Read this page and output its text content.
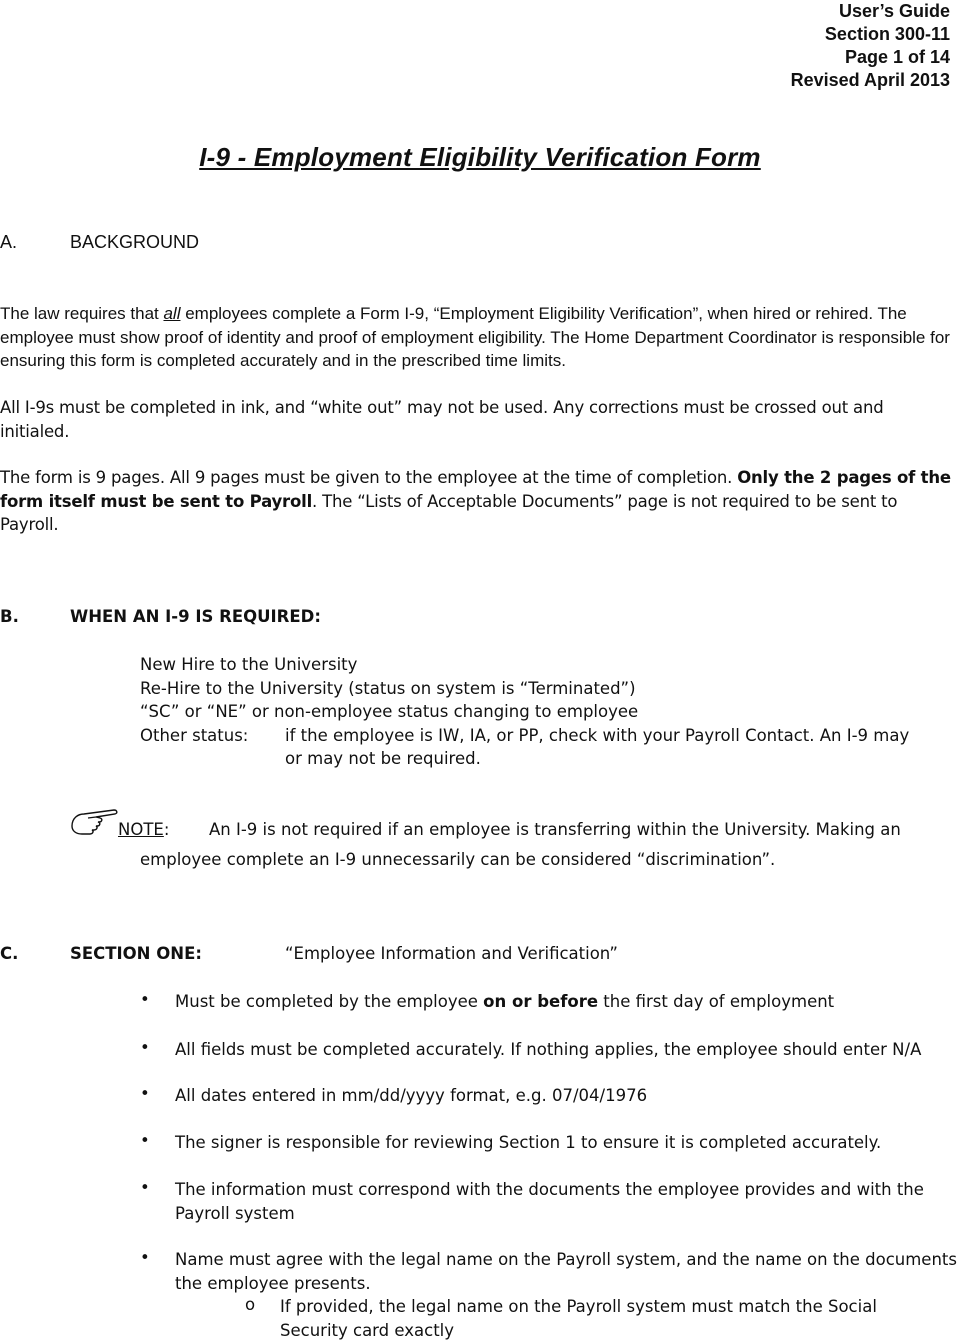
User’s Guide
Section 300-11
Page 1 of 14
Revised April 2013
I-9 - Employment Eligibility Verification Form
A.	BACKGROUND
The law requires that all employees complete a Form I-9, “Employment Eligibility Verification”, when hired or rehired. The employee must show proof of identity and proof of employment eligibility. The Home Department Coordinator is responsible for ensuring this form is completed accurately and in the prescribed time limits.
All I-9s must be completed in ink, and “white out” may not be used. Any corrections must be crossed out and initialed.
The form is 9 pages. All 9 pages must be given to the employee at the time of completion. Only the 2 pages of the form itself must be sent to Payroll. The “Lists of Acceptable Documents” page is not required to be sent to Payroll.
B.	WHEN AN I-9 IS REQUIRED:
New Hire to the University
Re-Hire to the University (status on system is “Terminated”)
“SC” or “NE” or non-employee status changing to employee
Other status: if the employee is IW, IA, or PP, check with your Payroll Contact. An I-9 may
or may not be required.
NOTE: An I-9 is not required if an employee is transferring within the University. Making an
employee complete an I-9 unnecessarily can be considered “discrimination”.
C.	SECTION ONE:	“Employee Information and Verification”
• Must be completed by the employee on or before the first day of employment
• All fields must be completed accurately. If nothing applies, the employee should enter N/A
• All dates entered in mm/dd/yyyy format, e.g. 07/04/1976
• The signer is responsible for reviewing Section 1 to ensure it is completed accurately.
• The information must correspond with the documents the employee provides and with the Payroll system
• Name must agree with the legal name on the Payroll system, and the name on the documents the employee presents.
o If provided, the legal name on the Payroll system must match the Social Security card exactly
